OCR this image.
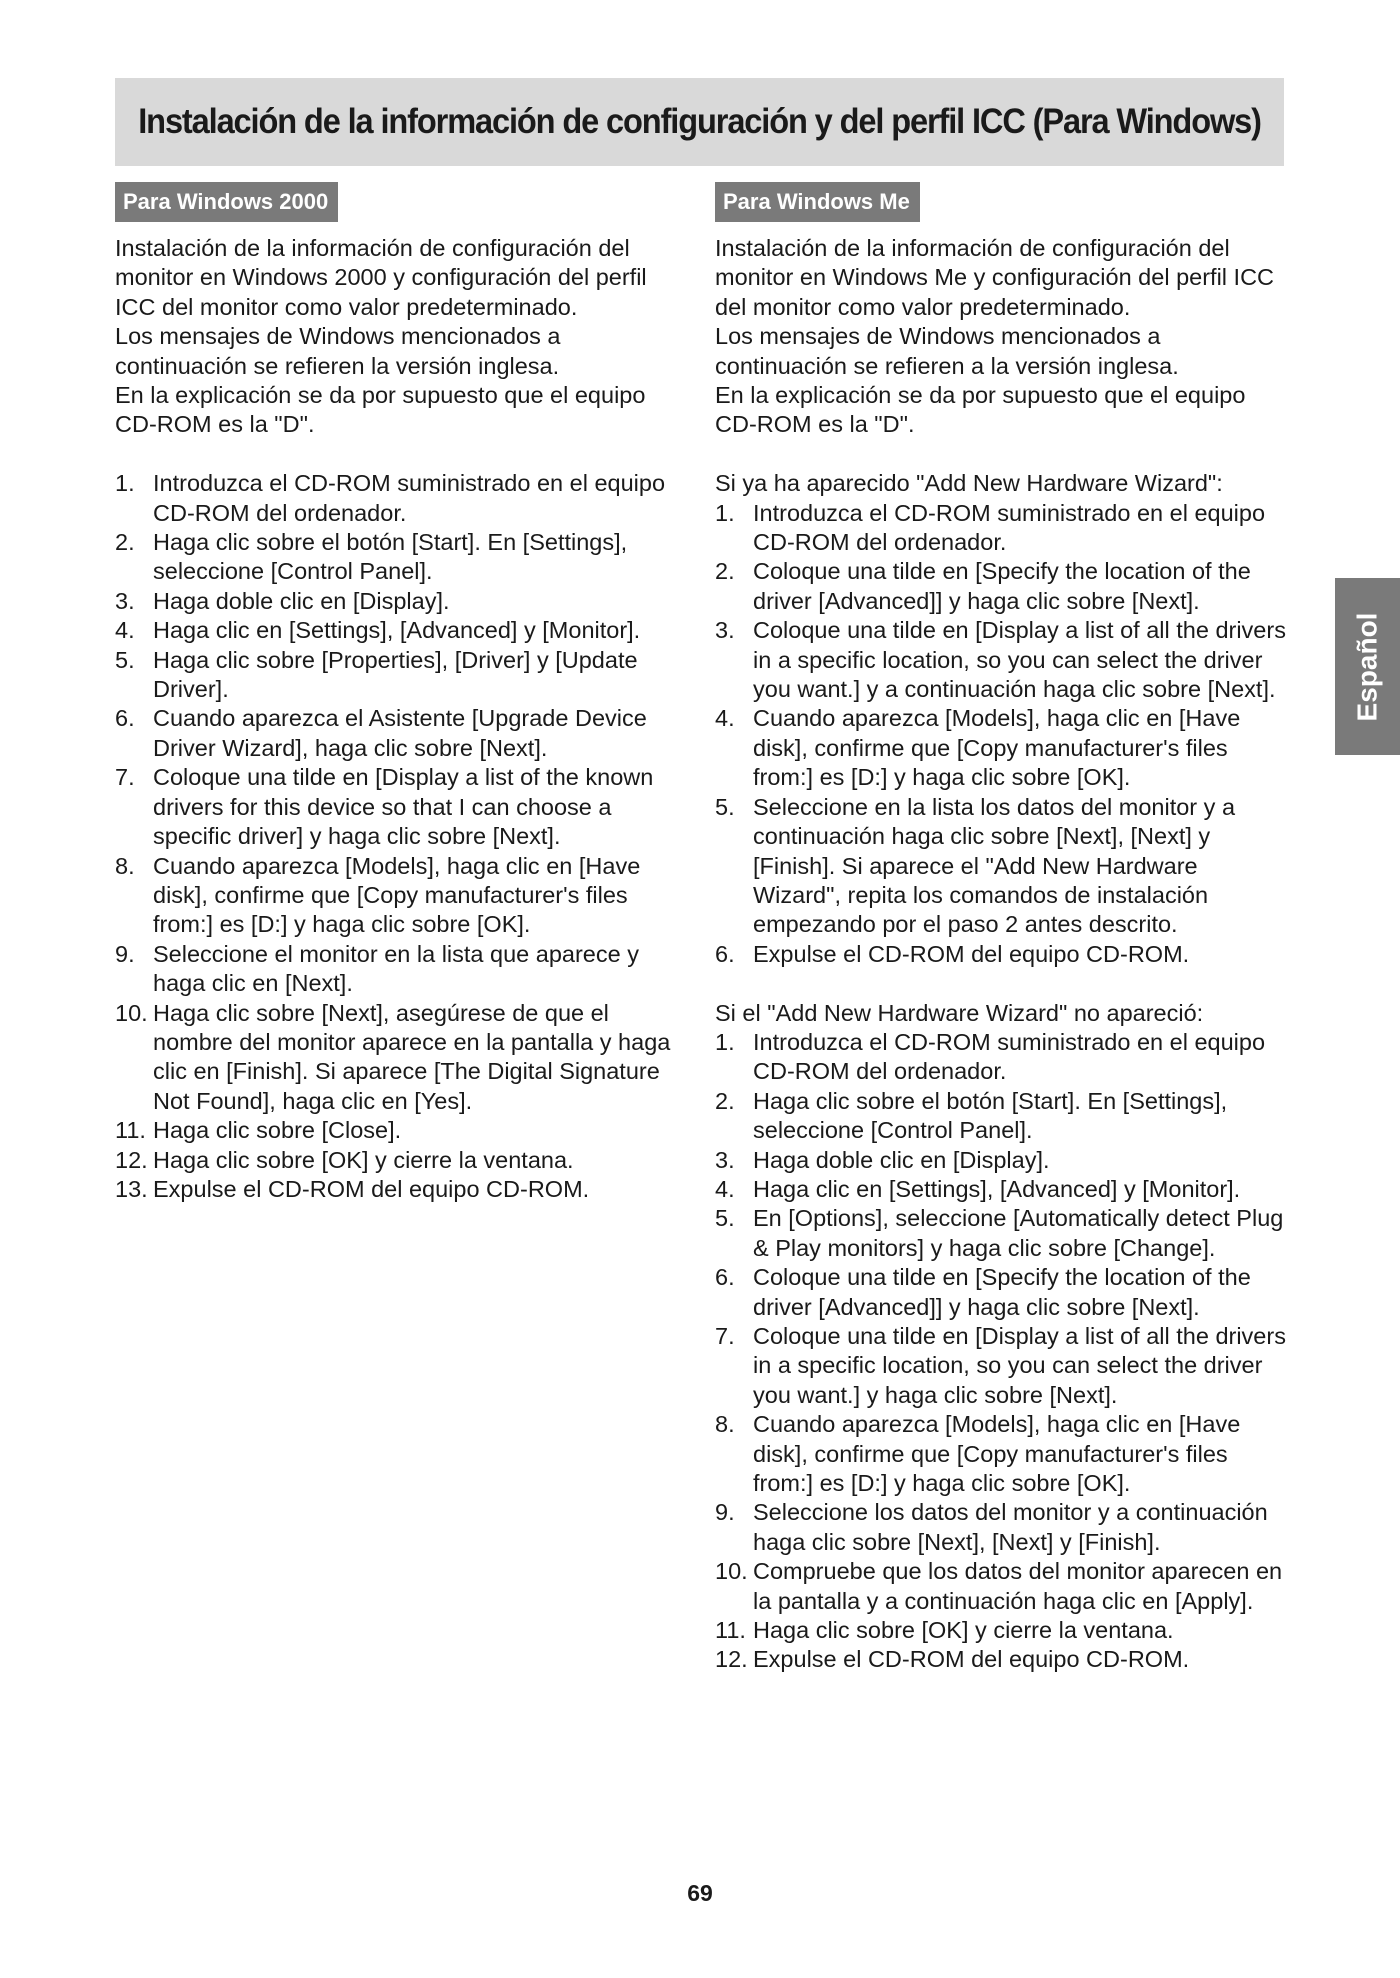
Instalación de la información de configuración y del perfil ICC (Para Windows)
Para Windows 2000

Instalación de la información de configuración del monitor en Windows 2000 y configuración del perfil ICC del monitor como valor predeterminado.

Los mensajes de Windows mencionados a continuación se refieren la versión inglesa.

En la explicación se da por supuesto que el equipo CD-ROM es la "D".

1. Introduzca el CD-ROM suministrado en el equipo CD-ROM del ordenador.
2. Haga clic sobre el botón [Start]. En [Settings], seleccione [Control Panel].
3. Haga doble clic en [Display].
4. Haga clic en [Settings], [Advanced] y [Monitor].
5. Haga clic sobre [Properties], [Driver] y [Update Driver].
6. Cuando aparezca el Asistente [Upgrade Device Driver Wizard], haga clic sobre [Next].
7. Coloque una tilde en [Display a list of the known drivers for this device so that I can choose a specific driver] y haga clic sobre [Next].
8. Cuando aparezca [Models], haga clic en [Have disk], confirme que [Copy manufacturer's files from:] es [D:] y haga clic sobre [OK].
9. Seleccione el monitor en la lista que aparece y haga clic en [Next].
10. Haga clic sobre [Next], asegúrese de que el nombre del monitor aparece en la pantalla y haga clic en [Finish]. Si aparece [The Digital Signature Not Found], haga clic en [Yes].
11. Haga clic sobre [Close].
12. Haga clic sobre [OK] y cierre la ventana.
13. Expulse el CD-ROM del equipo CD-ROM.
Para Windows Me

Instalación de la información de configuración del monitor en Windows Me y configuración del perfil ICC del monitor como valor predeterminado.

Los mensajes de Windows mencionados a continuación se refieren a la versión inglesa.

En la explicación se da por supuesto que el equipo CD-ROM es la "D".

Si ya ha aparecido "Add New Hardware Wizard":

1. Introduzca el CD-ROM suministrado en el equipo CD-ROM del ordenador.
2. Coloque una tilde en [Specify the location of the driver [Advanced]] y haga clic sobre [Next].
3. Coloque una tilde en [Display a list of all the drivers in a specific location, so you can select the driver you want.] y a continuación haga clic sobre [Next].
4. Cuando aparezca [Models], haga clic en [Have disk], confirme que [Copy manufacturer's files from:] es [D:] y haga clic sobre [OK].
5. Seleccione en la lista los datos del monitor y a continuación haga clic sobre [Next], [Next] y [Finish]. Si aparece el "Add New Hardware Wizard", repita los comandos de instalación empezando por el paso 2 antes descrito.
6. Expulse el CD-ROM del equipo CD-ROM.

Si el "Add New Hardware Wizard" no apareció:

1. Introduzca el CD-ROM suministrado en el equipo CD-ROM del ordenador.
2. Haga clic sobre el botón [Start]. En [Settings], seleccione [Control Panel].
3. Haga doble clic en [Display].
4. Haga clic en [Settings], [Advanced] y [Monitor].
5. En [Options], seleccione [Automatically detect Plug & Play monitors] y haga clic sobre [Change].
6. Coloque una tilde en [Specify the location of the driver [Advanced]] y haga clic sobre [Next].
7. Coloque una tilde en [Display a list of all the drivers in a specific location, so you can select the driver you want.] y haga clic sobre [Next].
8. Cuando aparezca [Models], haga clic en [Have disk], confirme que [Copy manufacturer's files from:] es [D:] y haga clic sobre [OK].
9. Seleccione los datos del monitor y a continuación haga clic sobre [Next], [Next] y [Finish].
10. Compruebe que los datos del monitor aparecen en la pantalla y a continuación haga clic en [Apply].
11. Haga clic sobre [OK] y cierre la ventana.
12. Expulse el CD-ROM del equipo CD-ROM.
Español
69
